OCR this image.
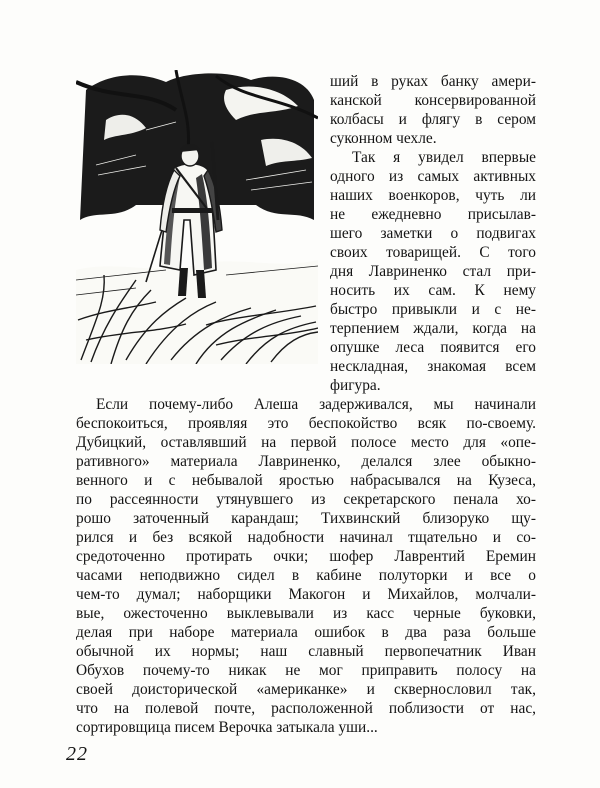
ший в руках банку амери-
канской консервированной
колбасы и флягу в сером
суконном чехле.
Так я увидел впервые
одного из самых активных
наших военкоров, чуть ли
не ежедневно присылав-
шего заметки о подвигах
своих товарищей. С того
дня Лавриненко стал при-
носить их сам. К нему
быстро привыкли и с не-
терпением ждали, когда на
опушке леса появится его
нескладная, знакомая всем
фигура.
Если почему-либо Алеша задерживался, мы начинали
беспокоиться, проявляя это беспокойство всяк по-своему.
Дубицкий, оставлявший на первой полосе место для «опе-
ративного» материала Лавриненко, делался злее обыкно-
венного и с небывалой яростью набрасывался на Кузеса,
по рассеянности утянувшего из секретарского пенала хо-
рошо заточенный карандаш; Тихвинский близоруко щу-
рился и без всякой надобности начинал тщательно и со-
средоточенно протирать очки; шофер Лаврентий Еремин
часами неподвижно сидел в кабине полуторки и все о
чем-то думал; наборщики Макогон и Михайлов, молчали-
вые, ожесточенно выклевывали из касс черные буковки,
делая при наборе материала ошибок в два раза больше
обычной их нормы; наш славный первопечатник Иван
Обухов почему-то никак не мог приправить полосу на
своей доисторической «американке» и сквернословил так,
что на полевой почте, расположенной поблизости от нас,
сортировщица писем Верочка затыкала уши...
22
